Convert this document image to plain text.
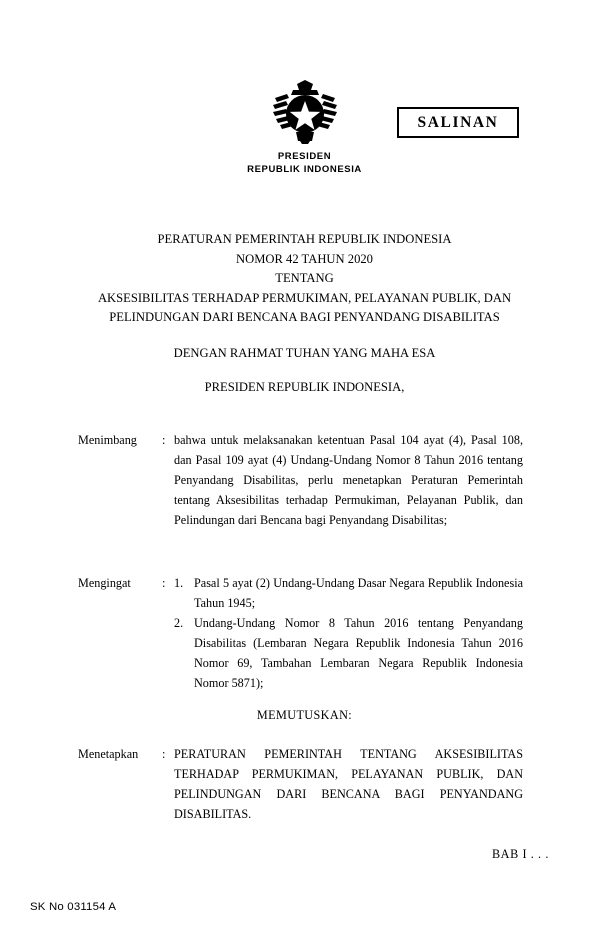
PRESIDEN
REPUBLIK INDONESIA
SALINAN
PERATURAN PEMERINTAH REPUBLIK INDONESIA
NOMOR 42 TAHUN 2020
TENTANG
AKSESIBILITAS TERHADAP PERMUKIMAN, PELAYANAN PUBLIK, DAN
PELINDUNGAN DARI BENCANA BAGI PENYANDANG DISABILITAS
DENGAN RAHMAT TUHAN YANG MAHA ESA
PRESIDEN REPUBLIK INDONESIA,
Menimbang	: bahwa untuk melaksanakan ketentuan Pasal 104 ayat (4), Pasal 108, dan Pasal 109 ayat (4) Undang-Undang Nomor 8 Tahun 2016 tentang Penyandang Disabilitas, perlu menetapkan Peraturan Pemerintah tentang Aksesibilitas terhadap Permukiman, Pelayanan Publik, dan Pelindungan dari Bencana bagi Penyandang Disabilitas;

Mengingat	: 1. Pasal 5 ayat (2) Undang-Undang Dasar Negara Republik Indonesia Tahun 1945;
2. Undang-Undang Nomor 8 Tahun 2016 tentang Penyandang Disabilitas (Lembaran Negara Republik Indonesia Tahun 2016 Nomor 69, Tambahan Lembaran Negara Republik Indonesia Nomor 5871);
MEMUTUSKAN:
Menetapkan	: PERATURAN PEMERINTAH TENTANG AKSESIBILITAS TERHADAP PERMUKIMAN, PELAYANAN PUBLIK, DAN PELINDUNGAN DARI BENCANA BAGI PENYANDANG DISABILITAS.

BAB I . . .
SK No 031154 A
